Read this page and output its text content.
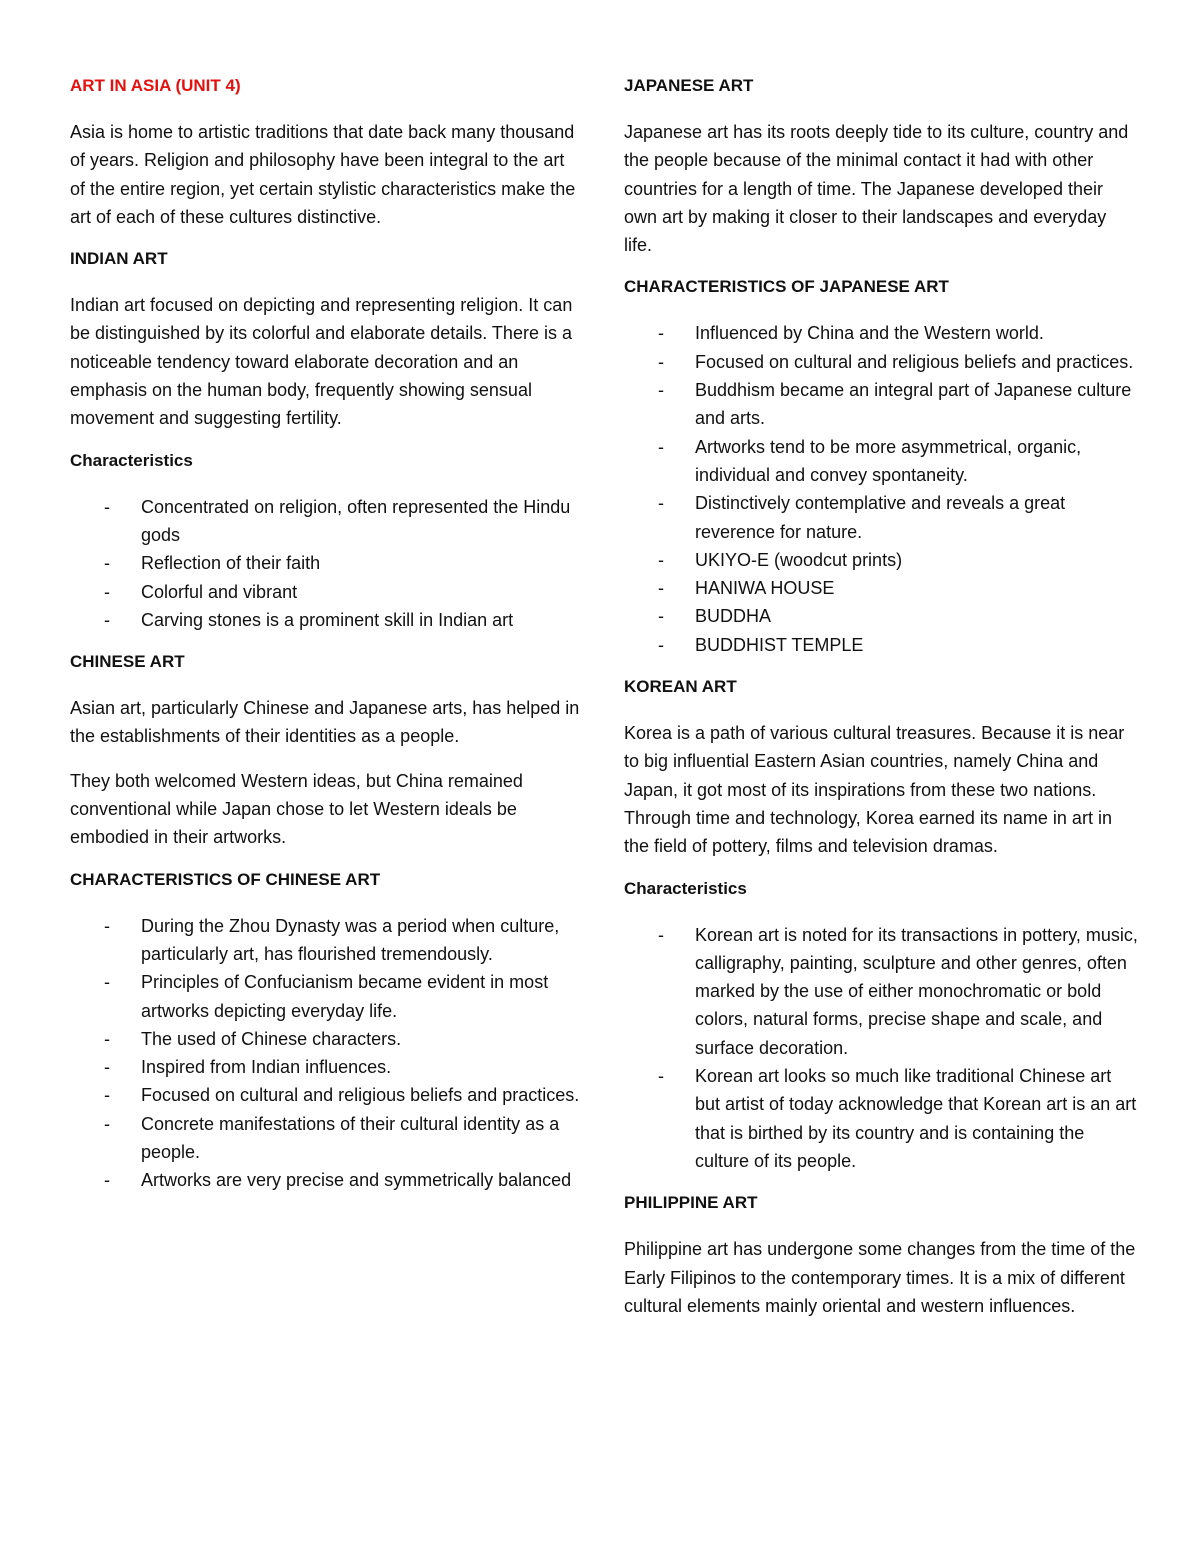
ART IN ASIA (UNIT 4)

Asia is home to artistic traditions that date back many thousand of years. Religion and philosophy have been integral to the art of the entire region, yet certain stylistic characteristics make the art of each of these cultures distinctive.

INDIAN ART

Indian art focused on depicting and representing religion. It can be distinguished by its colorful and elaborate details. There is a noticeable tendency toward elaborate decoration and an emphasis on the human body, frequently showing sensual movement and suggesting fertility.

Characteristics
- Concentrated on religion, often represented the Hindu gods
- Reflection of their faith
- Colorful and vibrant
- Carving stones is a prominent skill in Indian art
CHINESE ART

Asian art, particularly Chinese and Japanese arts, has helped in the establishments of their identities as a people.

They both welcomed Western ideas, but China remained conventional while Japan chose to let Western ideals be embodied in their artworks.

CHARACTERISTICS OF CHINESE ART
- During the Zhou Dynasty was a period when culture, particularly art, has flourished tremendously.
- Principles of Confucianism became evident in most artworks depicting everyday life.
- The used of Chinese characters.
- Inspired from Indian influences.
- Focused on cultural and religious beliefs and practices.
- Concrete manifestations of their cultural identity as a people.
- Artworks are very precise and symmetrically balanced
JAPANESE ART

Japanese art has its roots deeply tide to its culture, country and the people because of the minimal contact it had with other countries for a length of time. The Japanese developed their own art by making it closer to their landscapes and everyday life.

CHARACTERISTICS OF JAPANESE ART
- Influenced by China and the Western world.
- Focused on cultural and religious beliefs and practices.
- Buddhism became an integral part of Japanese culture and arts.
- Artworks tend to be more asymmetrical, organic, individual and convey spontaneity.
- Distinctively contemplative and reveals a great reverence for nature.
- UKIYO-E (woodcut prints)
- HANIWA HOUSE
- BUDDHA
- BUDDHIST TEMPLE
KOREAN ART

Korea is a path of various cultural treasures. Because it is near to big influential Eastern Asian countries, namely China and Japan, it got most of its inspirations from these two nations. Through time and technology, Korea earned its name in art in the field of pottery, films and television dramas.

Characteristics
- Korean art is noted for its transactions in pottery, music, calligraphy, painting, sculpture and other genres, often marked by the use of either monochromatic or bold colors, natural forms, precise shape and scale, and surface decoration.
- Korean art looks so much like traditional Chinese art but artist of today acknowledge that Korean art is an art that is birthed by its country and is containing the culture of its people.
PHILIPPINE ART

Philippine art has undergone some changes from the time of the Early Filipinos to the contemporary times. It is a mix of different cultural elements mainly oriental and western influences.
